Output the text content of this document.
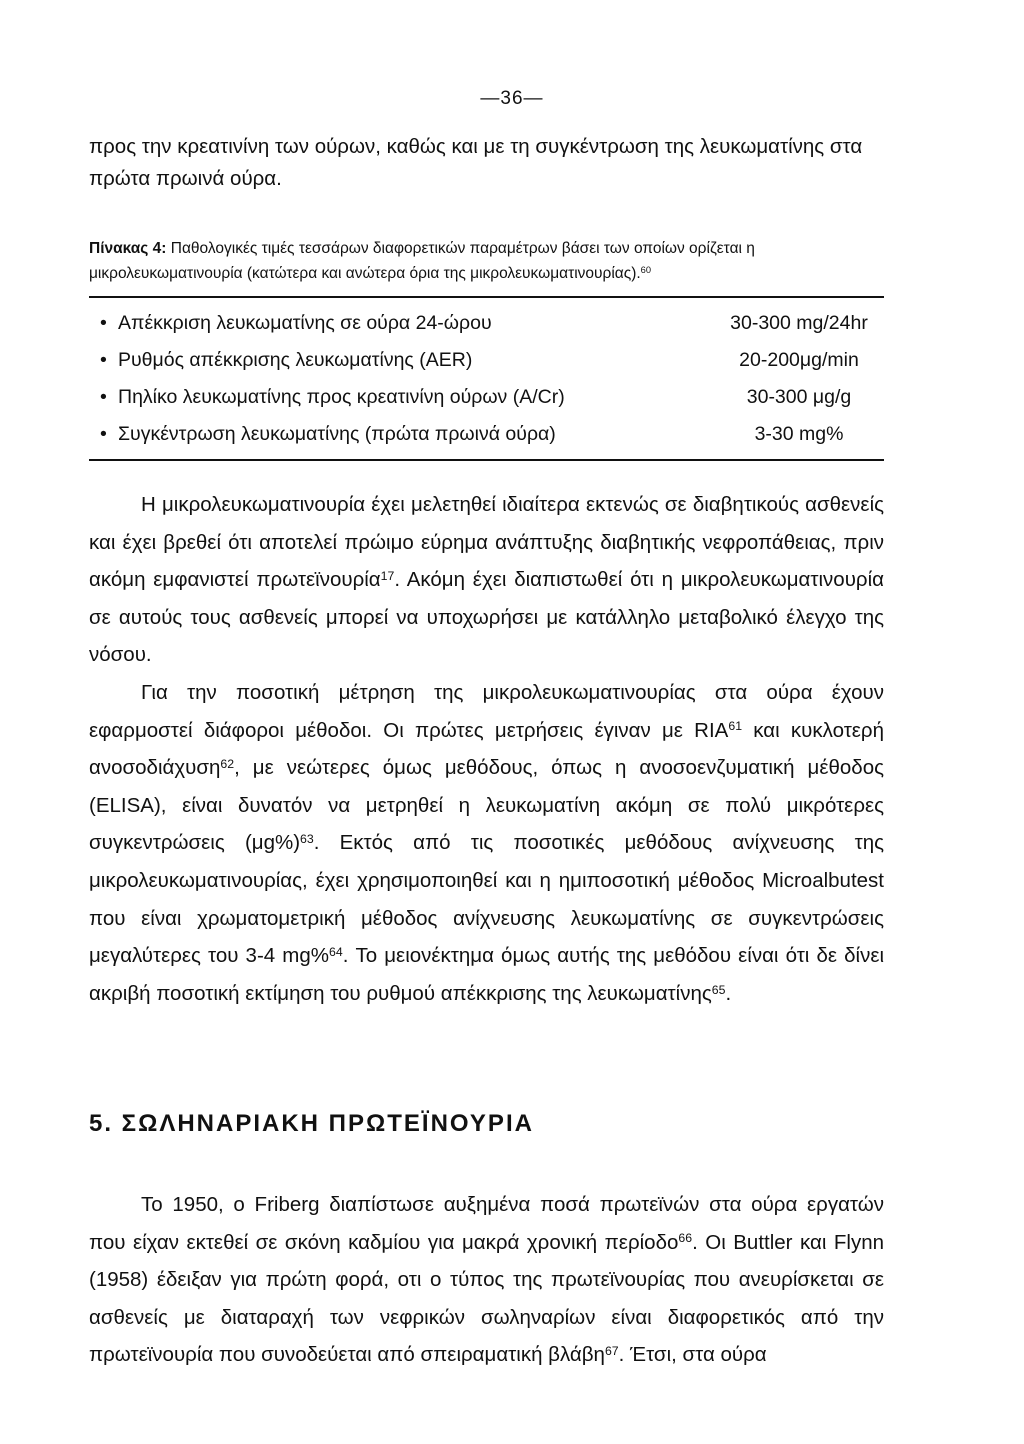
—36—
προς την κρεατινίνη των ούρων, καθώς και με τη συγκέντρωση της λευκωματίνης στα πρώτα πρωινά ούρα.
Πίνακας 4: Παθολογικές τιμές τεσσάρων διαφορετικών παραμέτρων βάσει των οποίων ορίζεται η μικρολευκωματινουρία (κατώτερα και ανώτερα όρια της μικρολευκωματινουρίας).$^{60}$
• Απέκκριση λευκωματίνης σε ούρα 24-ώρου	30-300 mg/24hr
• Ρυθμός απέκκρισης λευκωματίνης (AER)	20-200μg/min
• Πηλίκο λευκωματίνης προς κρεατινίνη ούρων (A/Cr)	30-300 μg/g
• Συγκέντρωση λευκωματίνης (πρώτα πρωινά ούρα)	3-30 mg%

Η μικρολευκωματινουρία έχει μελετηθεί ιδιαίτερα εκτενώς σε διαβητικούς ασθενείς και έχει βρεθεί ότι αποτελεί πρώιμο εύρημα ανάπτυξης διαβητικής νεφροπάθειας, πριν ακόμη εμφανιστεί πρωτεϊνουρία$^{17}$. Ακόμη έχει διαπιστωθεί ότι η μικρολευκωματινουρία σε αυτούς τους ασθενείς μπορεί να υποχωρήσει με κατάλληλο μεταβολικό έλεγχο της νόσου.

Για την ποσοτική μέτρηση της μικρολευκωματινουρίας στα ούρα έχουν εφαρμοστεί διάφοροι μέθοδοι. Οι πρώτες μετρήσεις έγιναν με RIA$^{61}$ και κυκλοτερή ανοσοδιάχυση$^{62}$, με νεώτερες όμως μεθόδους, όπως η ανοσοενζυματική μέθοδος (ELISA), είναι δυνατόν να μετρηθεί η λευκωματίνη ακόμη σε πολύ μικρότερες συγκεντρώσεις $(\mu g\%)^{63}$. Εκτός από τις ποσοτικές μεθόδους ανίχνευσης της μικρολευκωματινουρίας, έχει χρησιμοποιηθεί και η ημιποσοτική μέθοδος Microalbutest που είναι χρωματομετρική μέθοδος ανίχνευσης λευκωματίνης σε συγκεντρώσεις μεγαλύτερες του 3-4 mg%$^{64}$. Το μειονέκτημα όμως αυτής της μεθόδου είναι ότι δε δίνει ακριβή ποσοτική εκτίμηση του ρυθμού απέκκρισης της λευκωματίνης$^{65}$.

5. ΣΩΛΗΝΑΡΙΑΚΗ ΠΡΩΤΕΪΝΟΥΡΙΑ

Το 1950, ο Friberg διαπίστωσε αυξημένα ποσά πρωτεϊνών στα ούρα εργατών που είχαν εκτεθεί σε σκόνη καδμίου για μακρά χρονική περίοδο$^{66}$. Οι Buttler και Flynn (1958) έδειξαν για πρώτη φορά, οτι ο τύπος της πρωτεϊνουρίας που ανευρίσκεται σε ασθενείς με διαταραχή των νεφρικών σωληναρίων είναι διαφορετικός από την πρωτεϊνουρία που συνοδεύεται από σπειραματική βλάβη$^{67}$. Έτσι, στα ούρα
